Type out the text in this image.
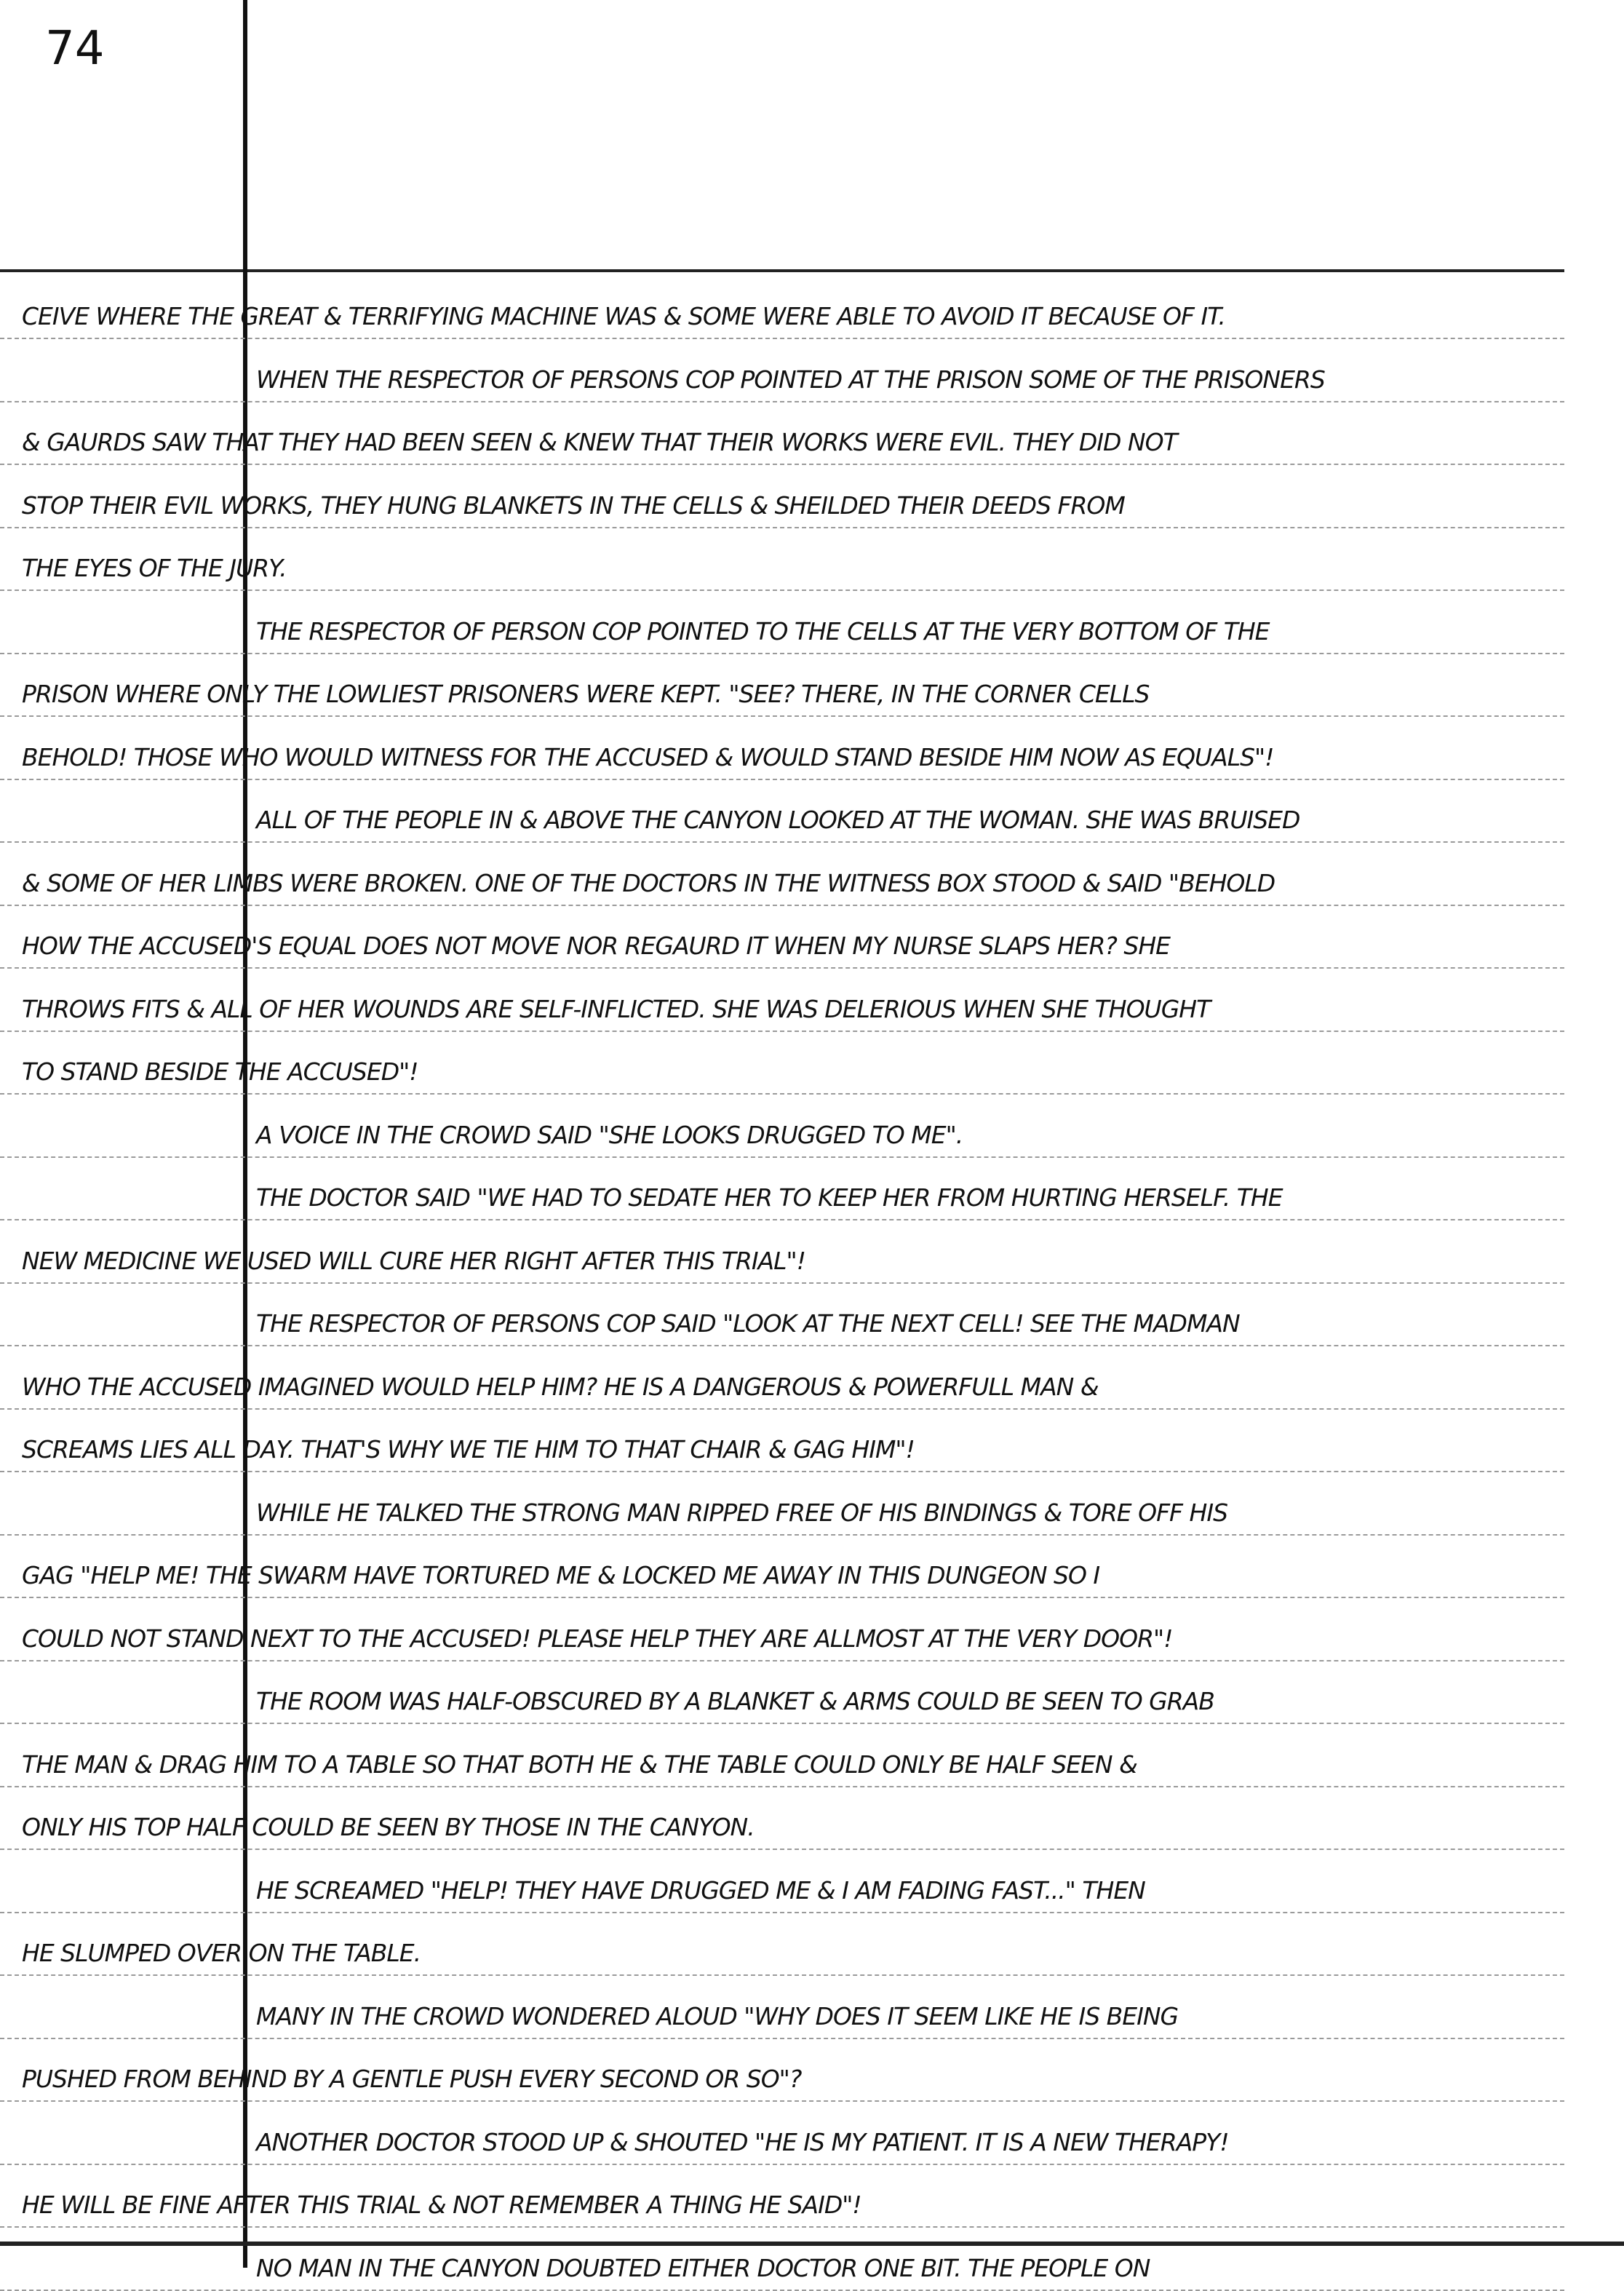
74
CEIVE WHERE THE GREAT & TERRIFYING MACHINE WAS & SOME WERE ABLE TO AVOID IT BECAUSE OF IT.
WHEN THE RESPECTOR OF PERSONS COP POINTED AT THE PRISON SOME OF THE PRISONERS
& GAURDS SAW THAT THEY HAD BEEN SEEN & KNEW THAT THEIR WORKS WERE EVIL. THEY DID NOT
STOP THEIR EVIL WORKS, THEY HUNG BLANKETS IN THE CELLS & SHEILDED THEIR DEEDS FROM
THE EYES OF THE JURY.
THE RESPECTOR OF PERSON COP POINTED TO THE CELLS AT THE VERY BOTTOM OF THE
PRISON WHERE ONLY THE LOWLIEST PRISONERS WERE KEPT. "SEE? THERE, IN THE CORNER CELLS
BEHOLD! THOSE WHO WOULD WITNESS FOR THE ACCUSED & WOULD STAND BESIDE HIM NOW AS EQUALS"!
ALL OF THE PEOPLE IN & ABOVE THE CANYON LOOKED AT THE WOMAN. SHE WAS BRUISED
& SOME OF HER LIMBS WERE BROKEN. ONE OF THE DOCTORS IN THE WITNESS BOX STOOD & SAID "BEHOLD
HOW THE ACCUSED'S EQUAL DOES NOT MOVE NOR REGAURD IT WHEN MY NURSE SLAPS HER? SHE
THROWS FITS & ALL OF HER WOUNDS ARE SELF-INFLICTED. SHE WAS DELERIOUS WHEN SHE THOUGHT
TO STAND BESIDE THE ACCUSED"!
A VOICE IN THE CROWD SAID "SHE LOOKS DRUGGED TO ME".
THE DOCTOR SAID "WE HAD TO SEDATE HER TO KEEP HER FROM HURTING HERSELF. THE
NEW MEDICINE WE USED WILL CURE HER RIGHT AFTER THIS TRIAL"!
THE RESPECTOR OF PERSONS COP SAID "LOOK AT THE NEXT CELL! SEE THE MADMAN
WHO THE ACCUSED IMAGINED WOULD HELP HIM? HE IS A DANGEROUS & POWERFULL MAN &
SCREAMS LIES ALL DAY. THAT'S WHY WE TIE HIM TO THAT CHAIR & GAG HIM"!
WHILE HE TALKED THE STRONG MAN RIPPED FREE OF HIS BINDINGS & TORE OFF HIS
GAG "HELP ME! THE SWARM HAVE TORTURED ME & LOCKED ME AWAY IN THIS DUNGEON SO I
COULD NOT STAND NEXT TO THE ACCUSED! PLEASE HELP THEY ARE ALLMOST AT THE VERY DOOR"!
THE ROOM WAS HALF-OBSCURED BY A BLANKET & ARMS COULD BE SEEN TO GRAB
THE MAN & DRAG HIM TO A TABLE SO THAT BOTH HE & THE TABLE COULD ONLY BE HALF SEEN &
ONLY HIS TOP HALF COULD BE SEEN BY THOSE IN THE CANYON.
HE SCREAMED "HELP! THEY HAVE DRUGGED ME & I AM FADING FAST..." THEN
HE SLUMPED OVER ON THE TABLE.
MANY IN THE CROWD WONDERED ALOUD "WHY DOES IT SEEM LIKE HE IS BEING
PUSHED FROM BEHIND BY A GENTLE PUSH EVERY SECOND OR SO"?
ANOTHER DOCTOR STOOD UP & SHOUTED "HE IS MY PATIENT. IT IS A NEW THERAPY!
HE WILL BE FINE AFTER THIS TRIAL & NOT REMEMBER A THING HE SAID"!
NO MAN IN THE CANYON DOUBTED EITHER DOCTOR ONE BIT. THE PEOPLE ON
